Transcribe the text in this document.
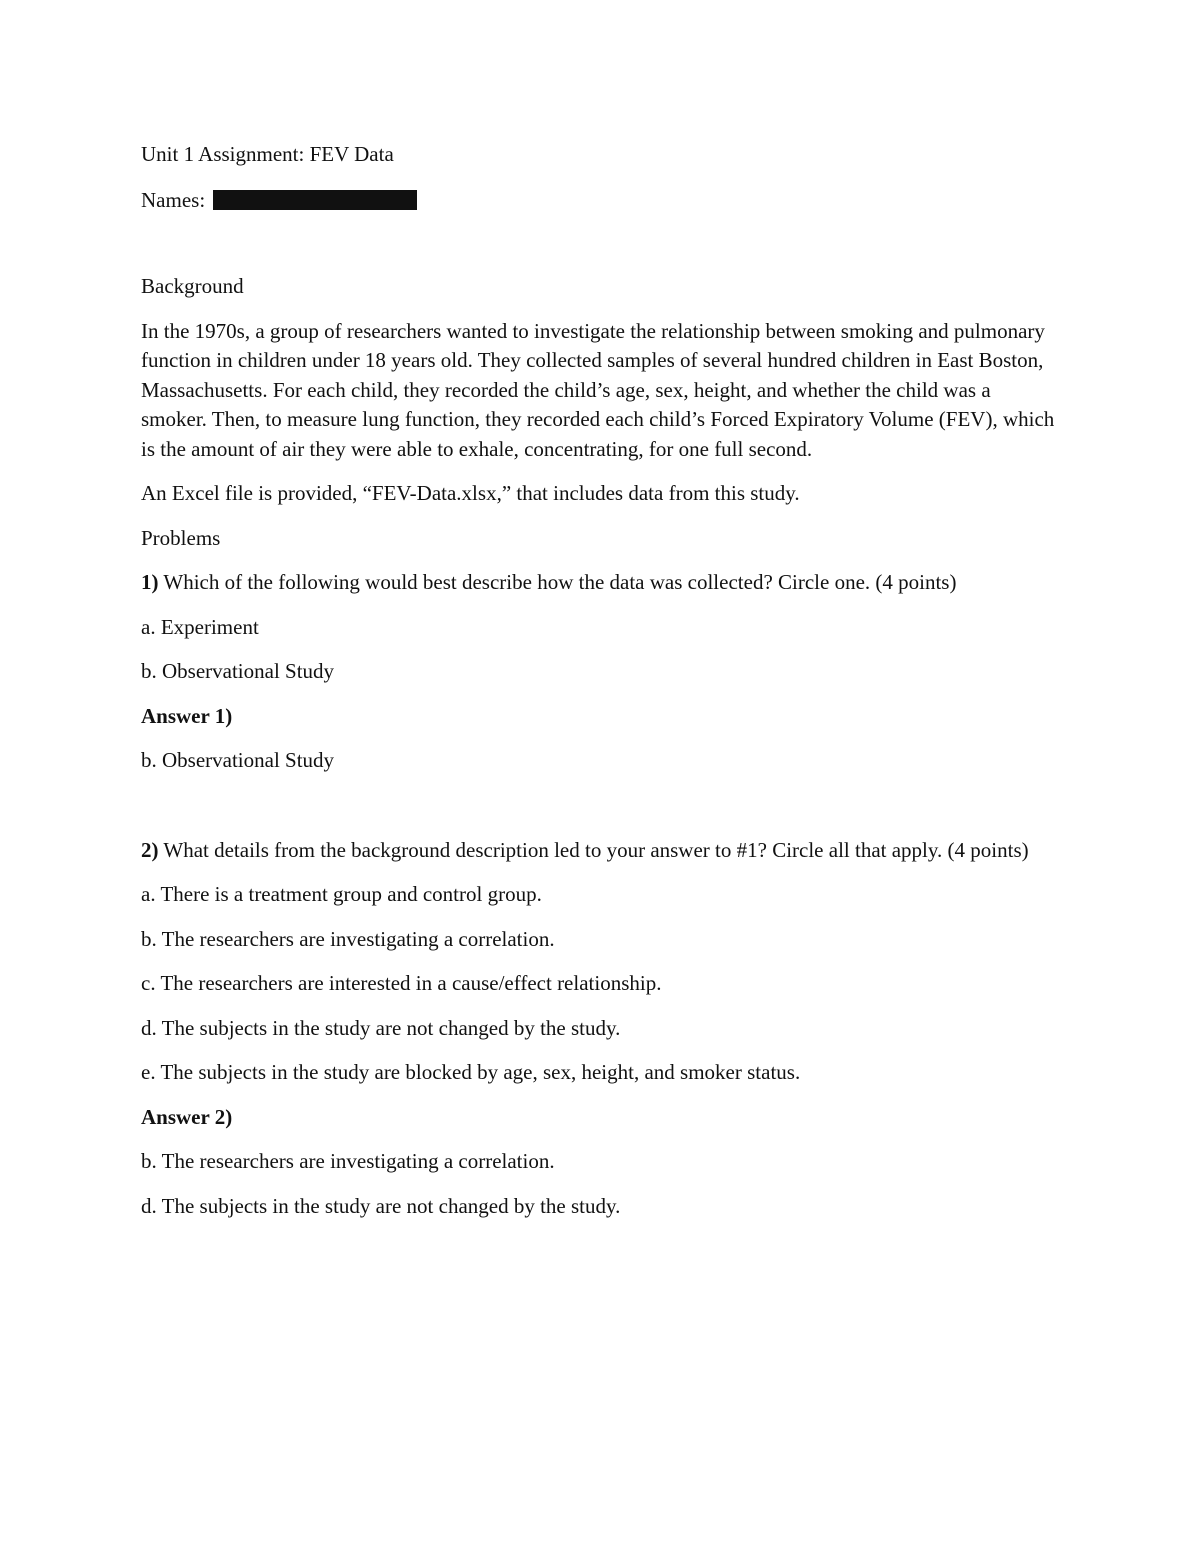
Unit 1 Assignment: FEV Data

Names:

Background

In the 1970s, a group of researchers wanted to investigate the relationship between smoking and pulmonary function in children under 18 years old. They collected samples of several hundred children in East Boston, Massachusetts. For each child, they recorded the child’s age, sex, height, and whether the child was a smoker. Then, to measure lung function, they recorded each child’s Forced Expiratory Volume (FEV), which is the amount of air they were able to exhale, concentrating, for one full second.

An Excel file is provided, “FEV-Data.xlsx,” that includes data from this study.

Problems

1) Which of the following would best describe how the data was collected? Circle one. (4 points)

a. Experiment

b. Observational Study

Answer 1)

b. Observational Study

2) What details from the background description led to your answer to #1? Circle all that apply. (4 points)

a. There is a treatment group and control group.

b. The researchers are investigating a correlation.

c. The researchers are interested in a cause/effect relationship.

d. The subjects in the study are not changed by the study.

e. The subjects in the study are blocked by age, sex, height, and smoker status.

Answer 2)

b. The researchers are investigating a correlation.

d. The subjects in the study are not changed by the study.
